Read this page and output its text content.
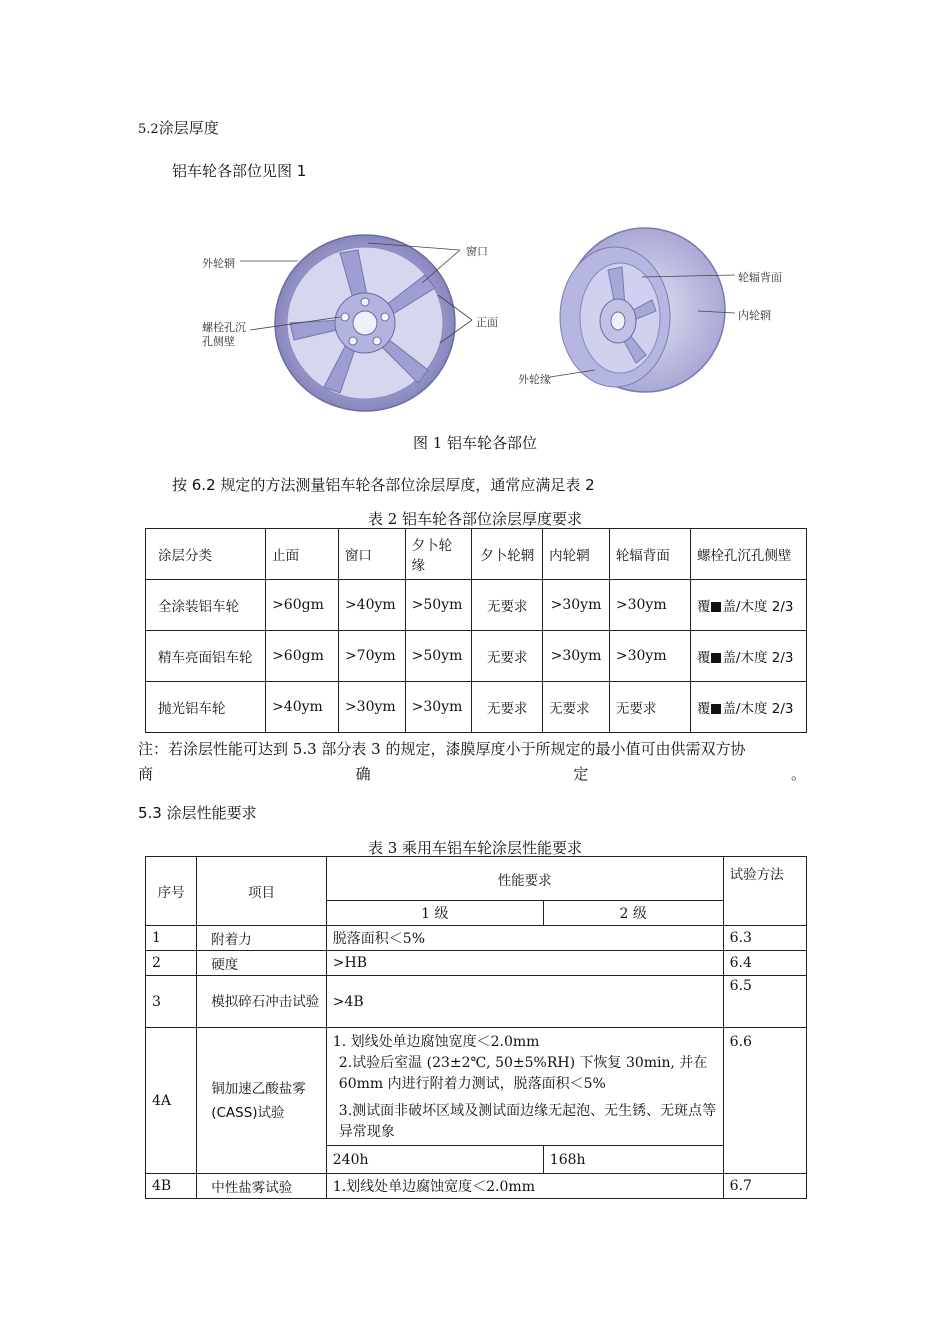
5.2涂层厚度
铝车轮各部位见图 1
外轮辋
窗口
正面
螺栓孔沉
孔侧壁
轮辐背面
内轮辋
外轮缘
图 1 铝车轮各部位
按 6.2 规定的方法测量铝车轮各部位涂层厚度，通常应满足表 2
表 2 铝车轮各部位涂层厚度要求
涂层分类	止面	窗口	夕卜轮缘	夕卜轮辋	内轮辋	轮辐背面	螺栓孔沉孔侧壁
全涂装铝车轮	>60gm	>40ym	>50ym	无要求	>30ym	>30ym	覆 盖/木度 2/3
精车亮面铝车轮	>60gm	>70ym	>50ym	无要求	>30ym	>30ym	覆 盖/木度 2/3
抛光铝车轮	>40ym	>30ym	>30ym	无要求	无要求	无要求	覆 盖/木度 2/3
注：若涂层性能可达到 5.3 部分表 3 的规定，漆膜厚度小于所规定的最小值可由供需双方协
商	确	定	。
5.3 涂层性能要求
表 3 乘用车铝车轮涂层性能要求
序号	项目	性能要求		试验方法
		1 级	2 级	
1	附着力	脱落面积＜5%		6.3
2	硬度	>HB		6.4
3	模拟碎石冲击试验	>4B		6.5
4A	铜加速乙酸盐雾(CASS)试验	1. 划线处单边腐蚀宽度＜2.0mm
2.试验后室温 (23±2℃, 50±5%RH) 下恢复 30min, 并在 60mm 内进行附着力测试，脱落面积＜5%
3.测试面非破坏区域及测试面边缘无起泡、无生锈、无斑点等异常现象		6.6
		240h	168h	
4B	中性盐雾试验	1.划线处单边腐蚀宽度＜2.0mm		6.7
